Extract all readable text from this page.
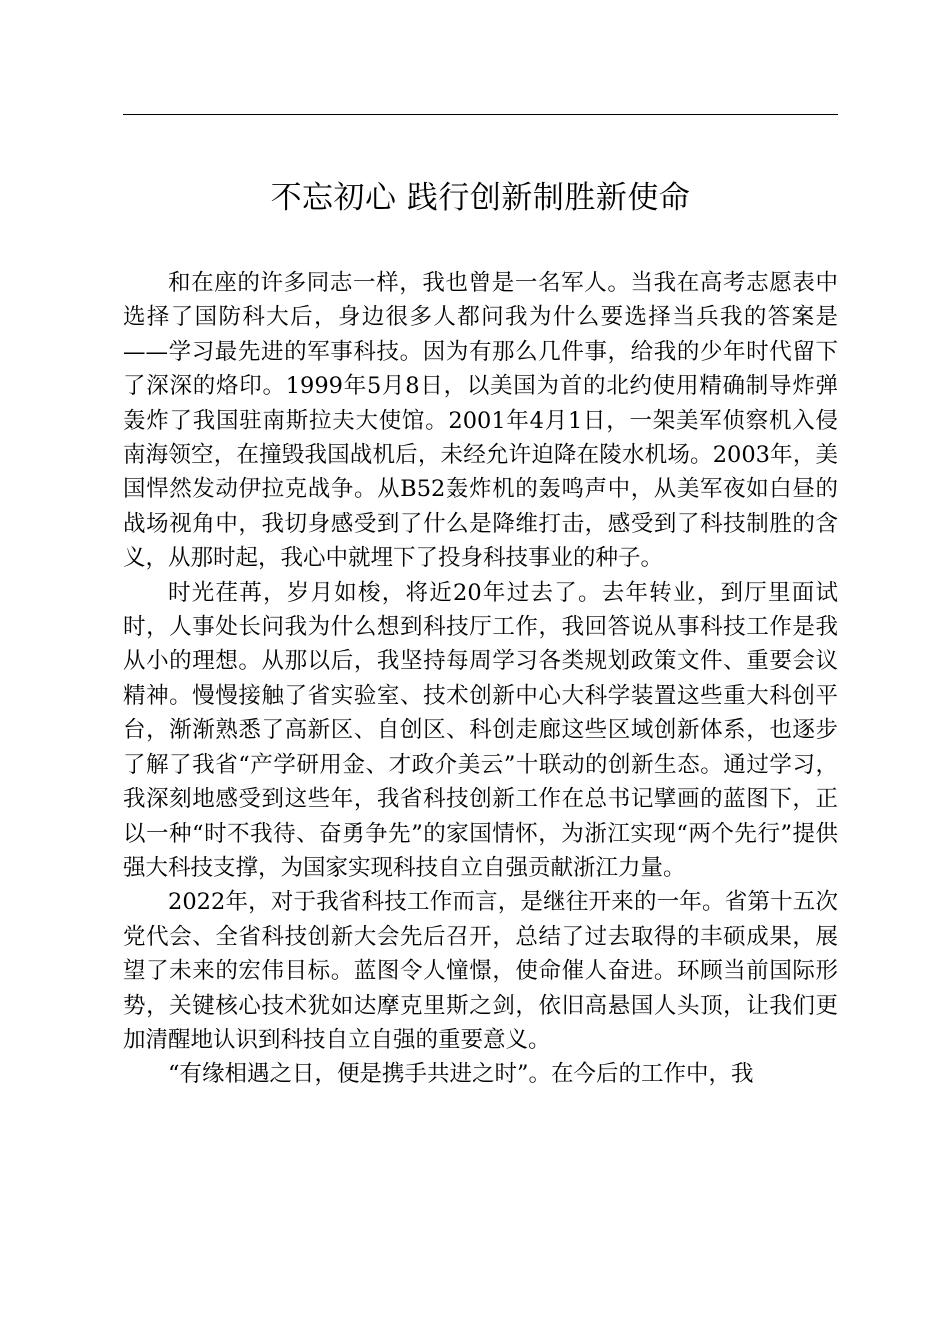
不忘初心 践行创新制胜新使命

和在座的许多同志一样，我也曾是一名军人。当我在高考志愿表中选择了国防科大后，身边很多人都问我为什么要选择当兵我的答案是——学习最先进的军事科技。因为有那么几件事，给我的少年时代留下了深深的烙印。1999年5月8日，以美国为首的北约使用精确制导炸弹轰炸了我国驻南斯拉夫大使馆。2001年4月1日，一架美军侦察机入侵南海领空，在撞毁我国战机后，未经允许迫降在陵水机场。2003年，美国悍然发动伊拉克战争。从B52轰炸机的轰鸣声中，从美军夜如白昼的战场视角中，我切身感受到了什么是降维打击，感受到了科技制胜的含义，从那时起，我心中就埋下了投身科技事业的种子。

时光荏苒，岁月如梭，将近20年过去了。去年转业，到厅里面试时，人事处长问我为什么想到科技厅工作，我回答说从事科技工作是我从小的理想。从那以后，我坚持每周学习各类规划政策文件、重要会议精神。慢慢接触了省实验室、技术创新中心大科学装置这些重大科创平台，渐渐熟悉了高新区、自创区、科创走廊这些区域创新体系，也逐步了解了我省“产学研用金、才政介美云”十联动的创新生态。通过学习，我深刻地感受到这些年，我省科技创新工作在总书记擘画的蓝图下，正以一种“时不我待、奋勇争先”的家国情怀，为浙江实现“两个先行”提供强大科技支撑，为国家实现科技自立自强贡献浙江力量。

2022年，对于我省科技工作而言，是继往开来的一年。省第十五次党代会、全省科技创新大会先后召开，总结了过去取得的丰硕成果，展望了未来的宏伟目标。蓝图令人憧憬，使命催人奋进。环顾当前国际形势，关键核心技术犹如达摩克里斯之剑，依旧高悬国人头顶，让我们更加清醒地认识到科技自立自强的重要意义。

“有缘相遇之日，便是携手共进之时”。在今后的工作中，我
